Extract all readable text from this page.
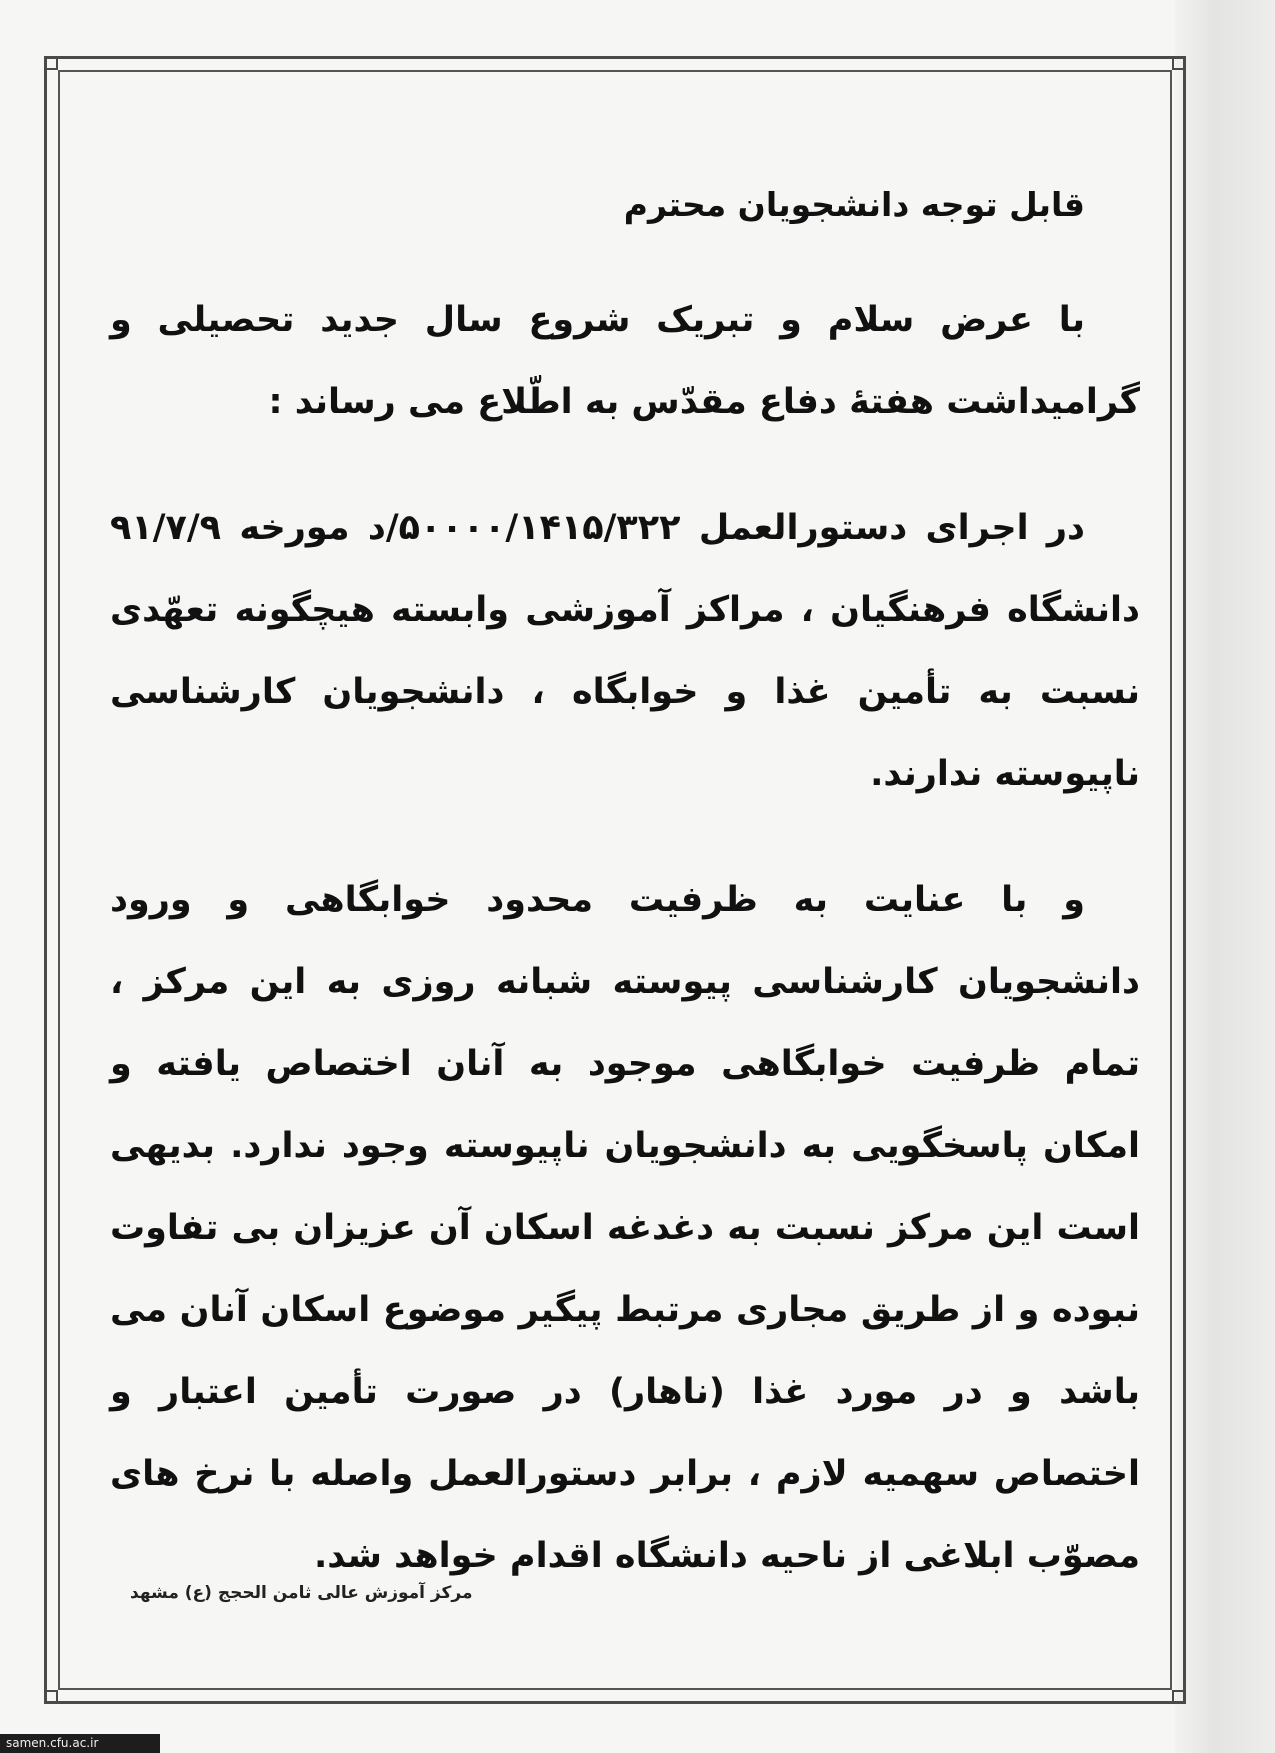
قابل توجه دانشجویان محترم
با عرض سلام و تبریک شروع سال جدید تحصیلی و گرامیداشت هفتهٔ دفاع مقدّس به اطّلاع می رساند :
در اجرای دستورالعمل ۵۰۰۰۰/۱۴۱۵/۳۲۲/د مورخه ۹۱/۷/۹ دانشگاه فرهنگیان ، مراکز آموزشی وابسته هیچگونه تعهّدی نسبت به تأمین غذا و خوابگاه ، دانشجویان کارشناسی ناپیوسته ندارند.
و با عنایت به ظرفیت محدود خوابگاهی و ورود دانشجویان کارشناسی پیوسته شبانه روزی به این مرکز ، تمام ظرفیت خوابگاهی موجود به آنان اختصاص یافته و امکان پاسخگویی به دانشجویان ناپیوسته وجود ندارد. بدیهی است این مرکز نسبت به دغدغه اسکان آن عزیزان بی تفاوت نبوده و از طریق مجاری مرتبط پیگیر موضوع اسکان آنان می باشد و در مورد غذا (ناهار) در صورت تأمین اعتبار و اختصاص سهمیه لازم ، برابر دستورالعمل واصله با نرخ های مصوّب ابلاغی از ناحیه دانشگاه اقدام خواهد شد.
مرکز آموزش عالی ثامن الحجج (ع) مشهد
samen.cfu.ac.ir
